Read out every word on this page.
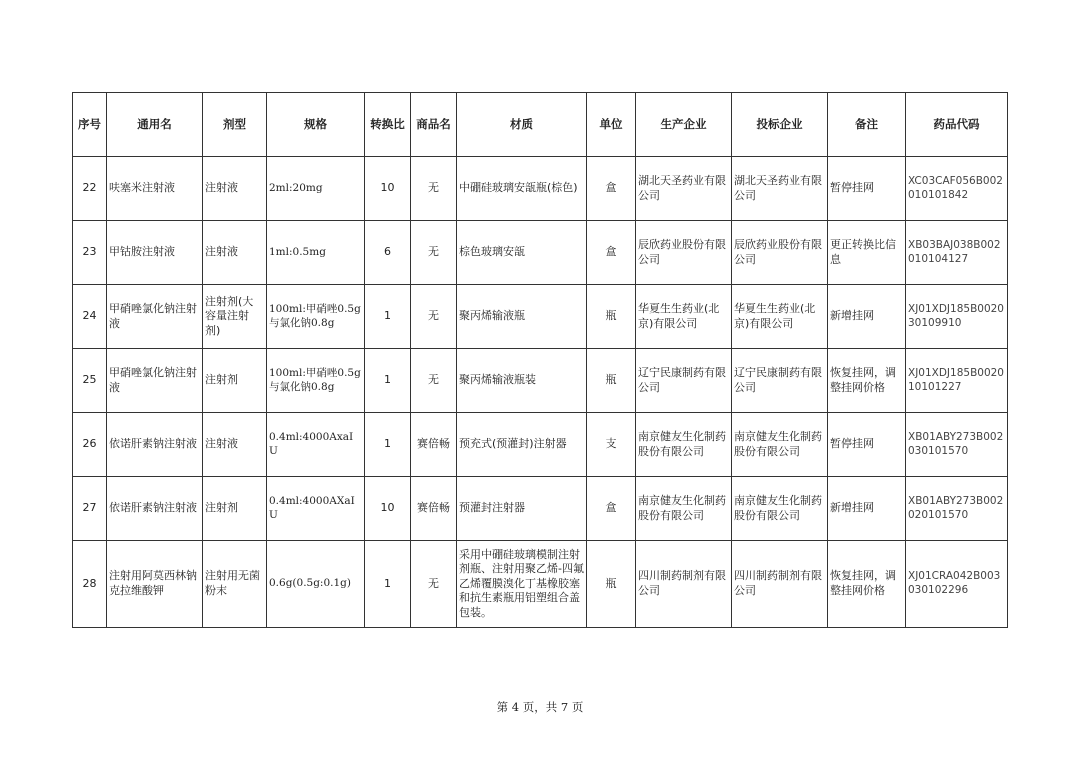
序号	通用名	剂型	规格	转换比	商品名	材质	单位	生产企业	投标企业	备注	药品代码
22	呋塞米注射液	注射液	2ml:20mg	10	无	中硼硅玻璃安瓿瓶(棕色)	盒	湖北天圣药业有限公司	湖北天圣药业有限公司	暂停挂网	XC03CAF056B002010101842
23	甲钴胺注射液	注射液	1ml:0.5mg	6	无	棕色玻璃安瓿	盒	辰欣药业股份有限公司	辰欣药业股份有限公司	更正转换比信息	XB03BAJ038B002010104127
24	甲硝唑氯化钠注射液	注射剂(大容量注射剂)	100ml:甲硝唑0.5g与氯化钠0.8g	1	无	聚丙烯输液瓶	瓶	华夏生生药业(北京)有限公司	华夏生生药业(北京)有限公司	新增挂网	XJ01XDJ185B002030109910
25	甲硝唑氯化钠注射液	注射剂	100ml:甲硝唑0.5g与氯化钠0.8g	1	无	聚丙烯输液瓶装	瓶	辽宁民康制药有限公司	辽宁民康制药有限公司	恢复挂网，调整挂网价格	XJ01XDJ185B002010101227
26	依诺肝素钠注射液	注射液	0.4ml:4000AxaIU	1	赛倍畅	预充式(预灌封)注射器	支	南京健友生化制药股份有限公司	南京健友生化制药股份有限公司	暂停挂网	XB01ABY273B002030101570
27	依诺肝素钠注射液	注射剂	0.4ml:4000AXaIU	10	赛倍畅	预灌封注射器	盒	南京健友生化制药股份有限公司	南京健友生化制药股份有限公司	新增挂网	XB01ABY273B002020101570
28	注射用阿莫西林钠克拉维酸钾	注射用无菌粉末	0.6g(0.5g:0.1g)	1	无	采用中硼硅玻璃模制注射剂瓶、注射用聚乙烯-四氟乙烯覆膜溴化丁基橡胶塞和抗生素瓶用铝塑组合盖包装。	瓶	四川制药制剂有限公司	四川制药制剂有限公司	恢复挂网，调整挂网价格	XJ01CRA042B003030102296
第 4 页，共 7 页
